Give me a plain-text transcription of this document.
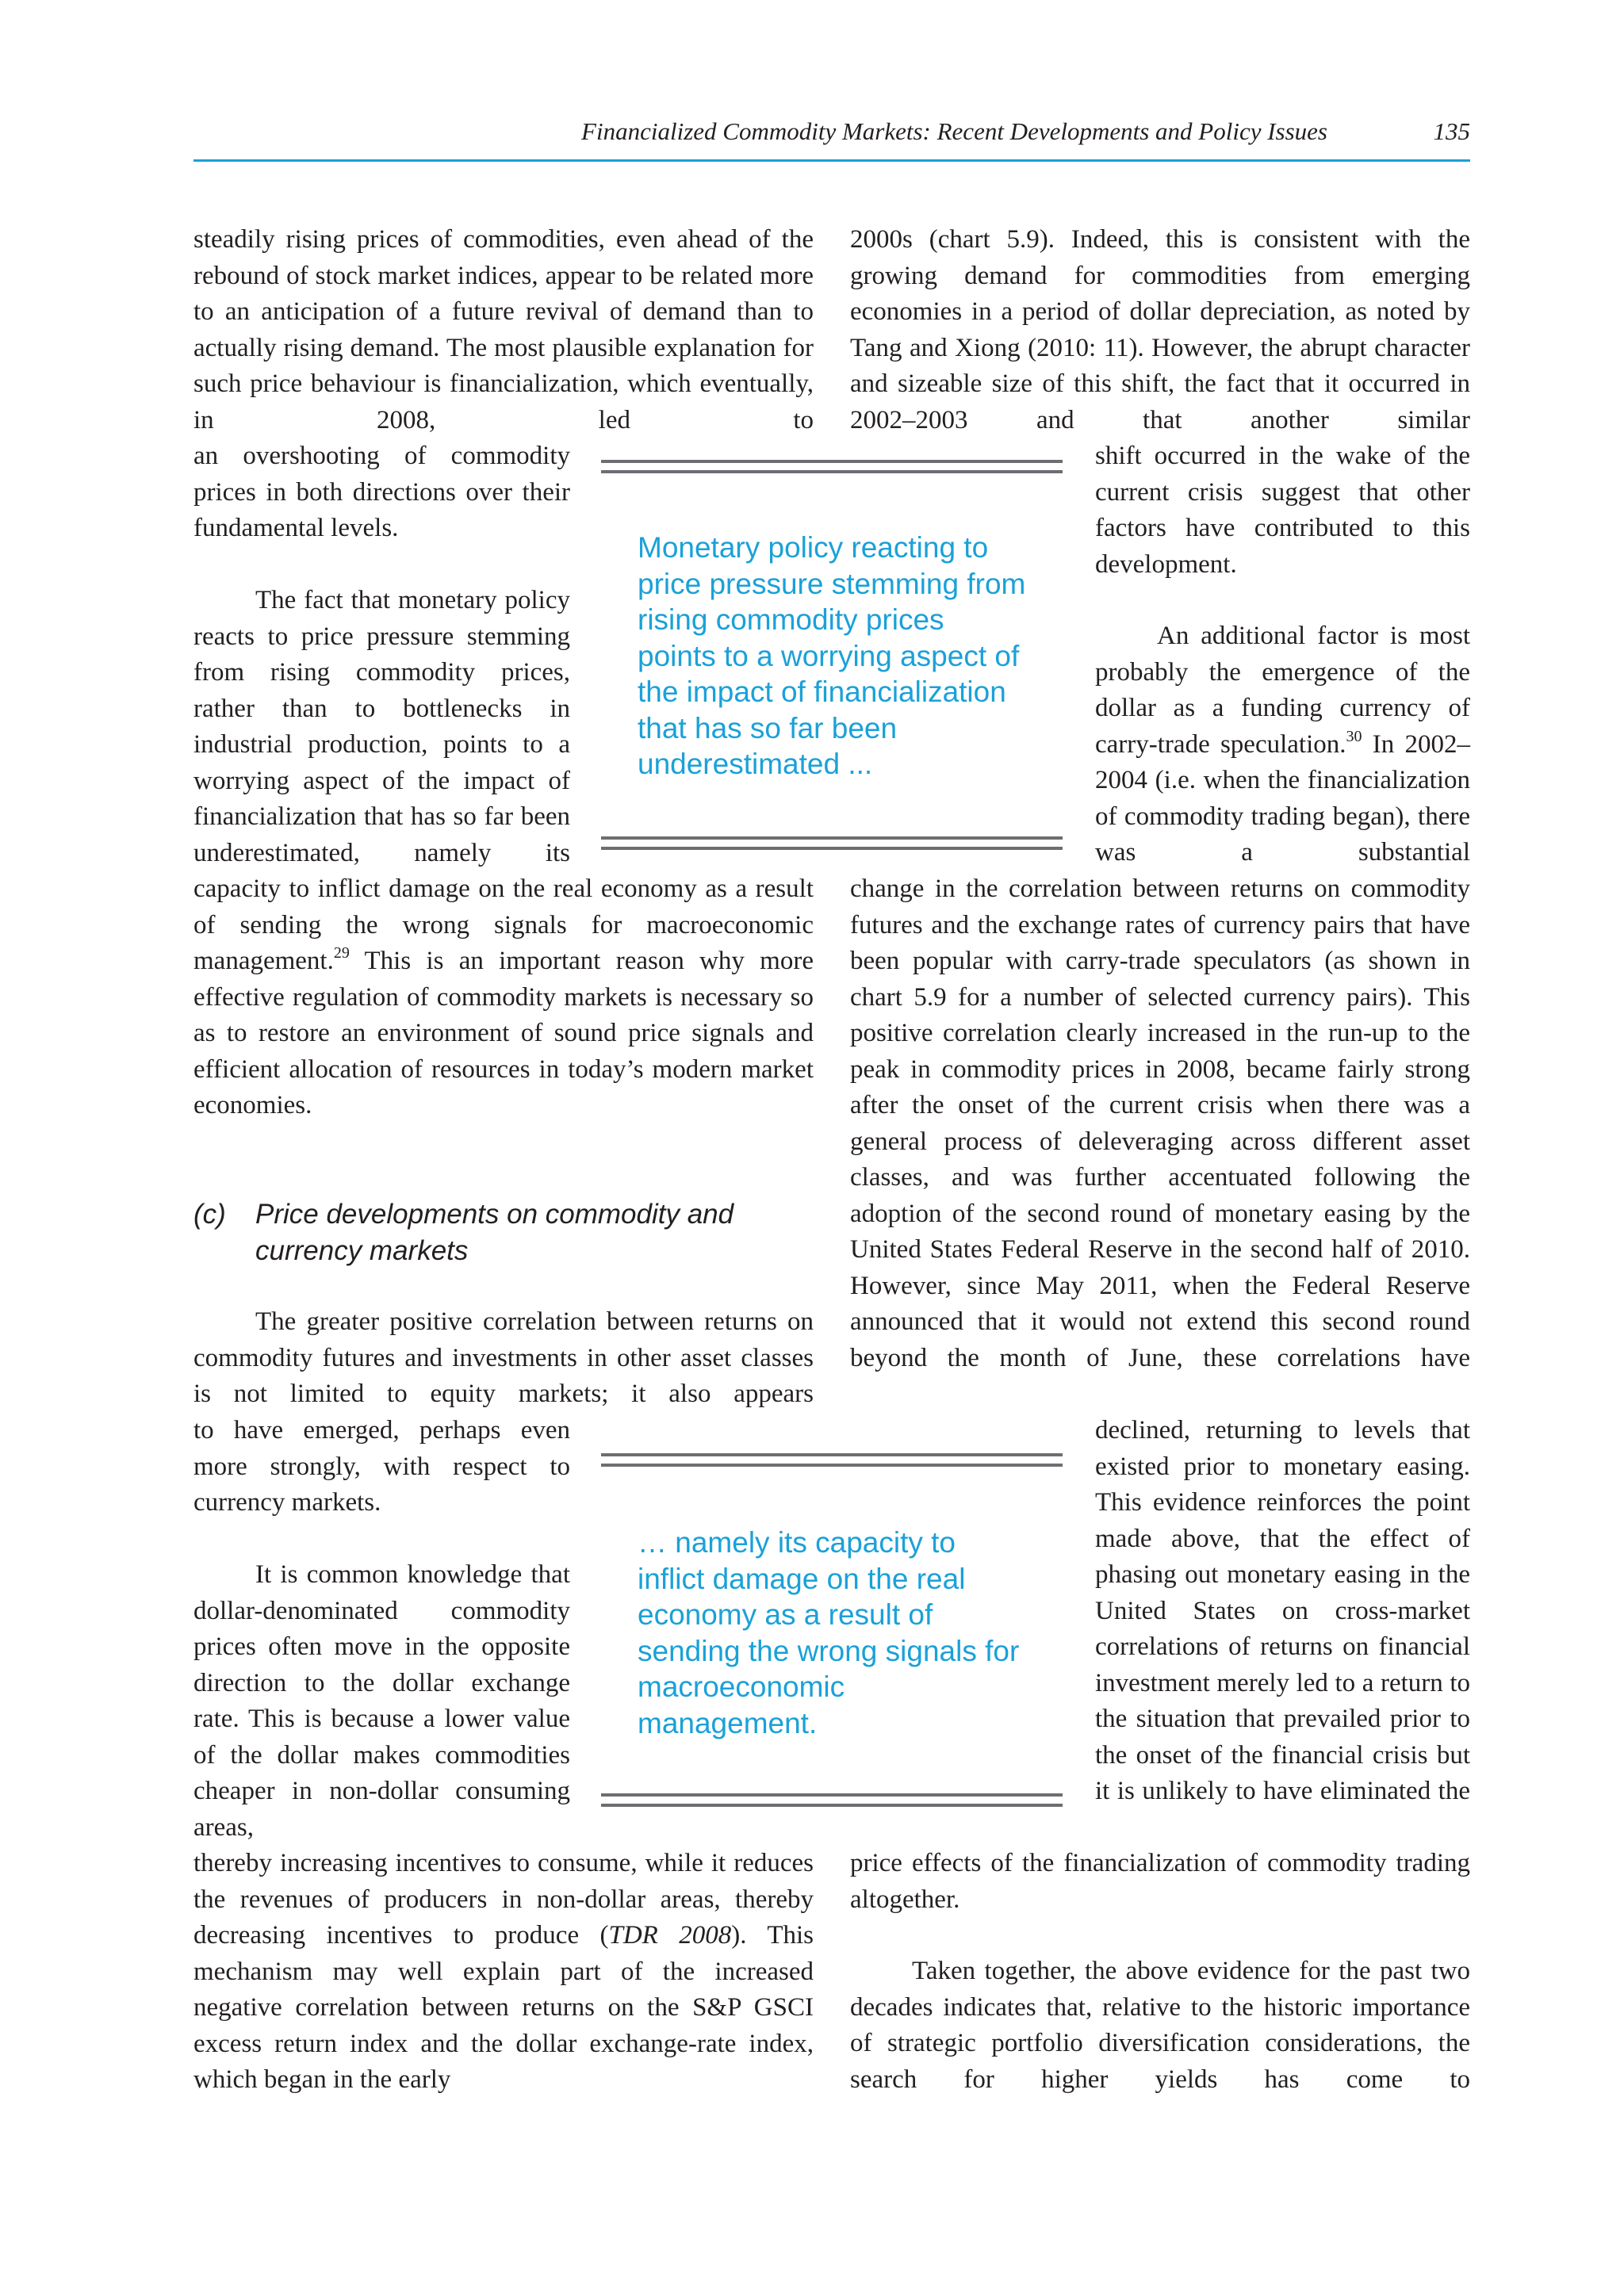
Financialized Commodity Markets: Recent Developments and Policy Issues	135

steadily rising prices of commodities, even ahead of the rebound of stock market indices, appear to be related more to an anticipation of a future revival of demand than to actually rising demand. The most plausible explanation for such price behaviour is financialization, which eventually, in 2008, led to

an overshooting of commodity prices in both directions over their fundamental levels.

The fact that monetary policy reacts to price pressure stemming from rising commodity prices, rather than to bottlenecks in industrial production, points to a worrying aspect of the impact of financialization that has so far been underestimated, namely its

capacity to inflict damage on the real economy as a result of sending the wrong signals for macroeconomic management.$^{29}$ This is an important reason why more effective regulation of commodity markets is necessary so as to restore an environment of sound price signals and efficient allocation of resources in today’s modern market economies.

(c)	Price developments on commodity and currency markets

The greater positive correlation between returns on commodity futures and investments in other asset classes is not limited to equity markets; it also appears

to have emerged, perhaps even more strongly, with respect to currency markets.

It is common knowledge that dollar-denominated commodity prices often move in the opposite direction to the dollar exchange rate. This is because a lower value of the dollar makes commodities cheaper in non-dollar consuming areas,

thereby increasing incentives to consume, while it reduces the revenues of producers in non-dollar areas, thereby decreasing incentives to produce (TDR 2008). This mechanism may well explain part of the increased negative correlation between returns on the S&P GSCI excess return index and the dollar exchange-rate index, which began in the early

2000s (chart 5.9). Indeed, this is consistent with the growing demand for commodities from emerging economies in a period of dollar depreciation, as noted by Tang and Xiong (2010: 11). However, the abrupt character and sizeable size of this shift, the fact that it occurred in 2002–2003 and that another similar

shift occurred in the wake of the current crisis suggest that other factors have contributed to this development.

An additional factor is most probably the emergence of the dollar as a funding currency of carry-trade speculation.$^{30}$ In 2002–2004 (i.e. when the financialization of commodity trading began), there was a substantial

change in the correlation between returns on commodity futures and the exchange rates of currency pairs that have been popular with carry-trade speculators (as shown in chart 5.9 for a number of selected currency pairs). This positive correlation clearly increased in the run-up to the peak in commodity prices in 2008, became fairly strong after the onset of the current crisis when there was a general process of deleveraging across different asset classes, and was further accentuated following the adoption of the second round of monetary easing by the United States Federal Reserve in the second half of 2010. However, since May 2011, when the Federal Reserve announced that it would not extend this second round beyond the month of June, these correlations have

declined, returning to levels that existed prior to monetary easing. This evidence reinforces the point made above, that the effect of phasing out monetary easing in the United States on cross-market correlations of returns on financial investment merely led to a return to the situation that prevailed prior to the onset of the financial crisis but it is unlikely to have eliminated the

price effects of the financialization of commodity trading altogether.

Taken together, the above evidence for the past two decades indicates that, relative to the historic importance of strategic portfolio diversification considerations, the search for higher yields has come to

Monetary policy reacting to price pressure stemming from rising commodity prices points to a worrying aspect of the impact of financialization that has so far been underestimated ...

… namely its capacity to inflict damage on the real economy as a result of sending the wrong signals for macroeconomic management.
